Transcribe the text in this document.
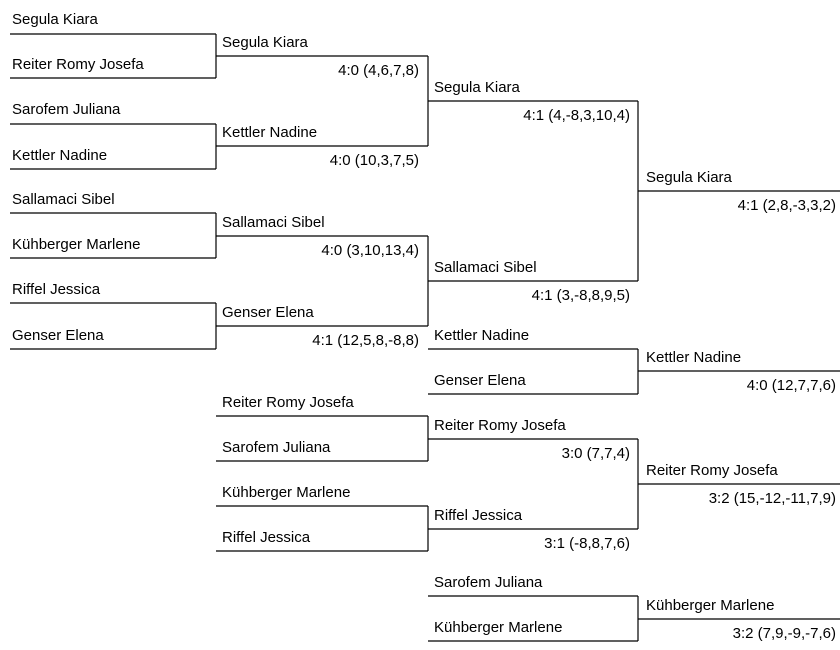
Segula Kiara
Reiter Romy Josefa
Sarofem Juliana
Kettler Nadine
Sallamaci Sibel
Kühberger Marlene
Riffel Jessica
Genser Elena
Segula Kiara
4:0 (4,6,7,8)
Kettler Nadine
4:0 (10,3,7,5)
Sallamaci Sibel
4:0 (3,10,13,4)
Genser Elena
4:1 (12,5,8,-8,8)
Segula Kiara
4:1 (4,-8,3,10,4)
Sallamaci Sibel
4:1 (3,-8,8,9,5)
Segula Kiara
4:1 (2,8,-3,3,2)
Kettler Nadine
Genser Elena
Kettler Nadine
4:0 (12,7,7,6)
Reiter Romy Josefa
Sarofem Juliana
Kühberger Marlene
Riffel Jessica
Reiter Romy Josefa
3:0 (7,7,4)
Riffel Jessica
3:1 (-8,8,7,6)
Reiter Romy Josefa
3:2 (15,-12,-11,7,9)
Sarofem Juliana
Kühberger Marlene
Kühberger Marlene
3:2 (7,9,-9,-7,6)
